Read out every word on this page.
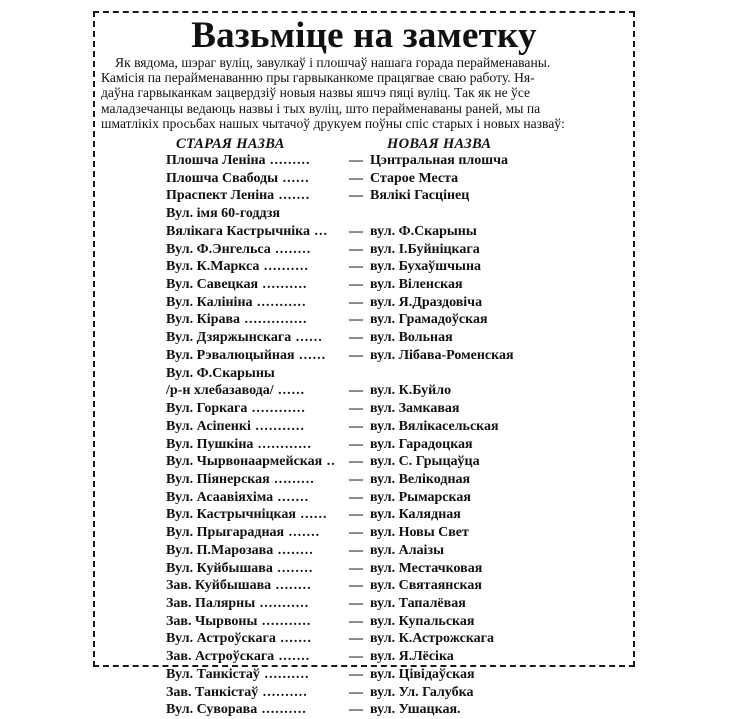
Вазьміце на заметку
Як вядома, шэраг вуліц, завулкаў і плошчаў нашага горада перайменаваны.
Камісія па перайменаванню пры гарвыканкоме працягвае сваю работу. Ня-
даўна гарвыканкам зацвердзіў новыя назвы яшчэ пяці вуліц. Так як не ўсе
маладзечанцы ведаюць назвы і тых вуліц, што перайменаваны раней, мы па
шматлікіх просьбах нашых чытачоў друкуем поўны спіс старых і новых назваў:
СТАРАЯ НАЗВА	НОВАЯ НАЗВА
Плошча Леніна .........	— Цэнтральная плошча
Плошча Свабоды ......	— Старое Места
Праспект Леніна .......	— Вялікі Гасцінец
Вул. імя 60-годдзя
Вялікага Кастрычніка ... — вул. Ф.Скарыны
Вул. Ф.Энгельса ........	— вул. І.Буйніцкага
Вул. К.Маркса ..........	— вул. Бухаўшчына
Вул. Савецкая ..........	— вул. Віленская
Вул. Калініна ...........	— вул. Я.Драздовіча
Вул. Кірава ..............	— вул. Грамадоўская
Вул. Дзяржынскага ...... — вул. Вольная
Вул. Рэвалюцыйная ...... — вул. Лібава-Роменская
Вул. Ф.Скарыны
/р-н хлебазавода/ ......	— вул. К.Буйло
Вул. Горкага ............	— вул. Замкавая
Вул. Асіпенкі ...........	— вул. Вялікасельская
Вул. Пушкіна ............	— вул. Гарадоцкая
Вул. Чырвонаармейская .. — вул. С. Грыцаўца
Вул. Піянерская ......... — вул. Велікодная
Вул. Асаавіяхіма .......	— вул. Рымарская
Вул. Кастрычніцкая ...... — вул. Калядная
Вул. Прыгарадная ....... — вул. Новы Свет
Вул. П.Марозава ........	— вул. Алаізы
Вул. Куйбышава ........	— вул. Местачковая
Зав. Куйбышава ........	— вул. Святаянская
Зав. Палярны ...........	— вул. Тапалёвая
Зав. Чырвоны ...........	— вул. Купальская
Вул. Астроўскага .......	— вул. К.Астрожскага
Зав. Астроўскага .......	— вул. Я.Лёсіка
Вул. Танкістаў ..........	— вул. Цівідаўская
Зав. Танкістаў ..........	— вул. Ул. Галубка
Вул. Суворава ..........	— вул. Ушацкая.
